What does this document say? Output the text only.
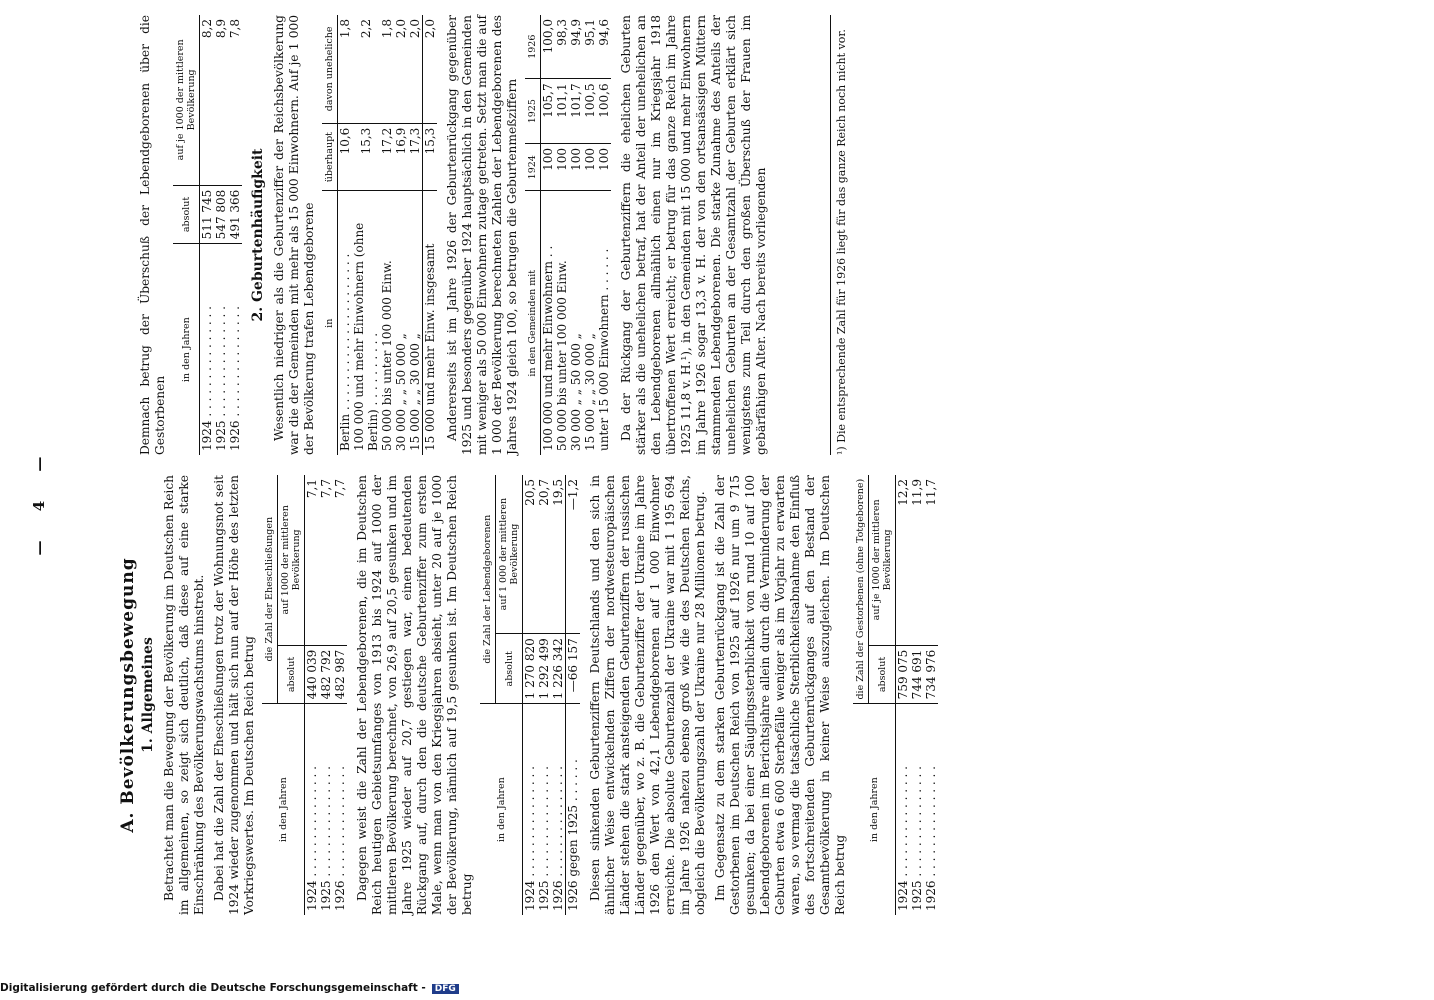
— 4 —
A. Bevölkerungsbewegung 1. Allgemeines Betrachtet man die Bewegung der Bevölkerung im Deutschen Reich im allgemeinen, so zeigt sich deutlich, daß diese auf eine starke Einschränkung des Bevölkerungswachstums hinstrebt. Dabei hat die Zahl der Eheschließungen trotz der Wohnungsnot seit 1924 wieder zugenommen und hält sich nun auf der Höhe des letzten Vorkriegswertes. Im Deutschen Reich betrug in den Jahren	die Zahl der Eheschließungen	
	absolut	auf 1000 der mittleren Bevölkerung
1924 . . . . . . . . . . . . . . .	440 039	7,1
1925 . . . . . . . . . . . . . . .	482 792	7,7
1926 . . . . . . . . . . . . . . .	482 987	7,7 Dagegen weist die Zahl der Lebendgeborenen, die im Deutschen Reich heutigen Gebietsumfanges von 1913 bis 1924 auf 1000 der mittleren Bevölkerung berechnet, von 26,9 auf 20,5 gesunken und im Jahre 1925 wieder auf 20,7 gestiegen war, einen bedeutenden Rückgang auf, durch den die deutsche Geburtenziffer zum ersten Male, wenn man von den Kriegsjahren absieht, unter 20 auf je 1000 der Bevölkerung, nämlich auf 19,5 gesunken ist. Im Deutschen Reich betrug

in den Jahren	die Zahl der Lebendgeborenen	
	absolut	auf 1 000 der mittleren Bevölkerung
1924 . . . . . . . . . . . . . . .	1 270 820	20,5
1925 . . . . . . . . . . . . . . .	1 292 499	20,7
1926 . . . . . . . . . . . . . . .	1 226 342	19,5
1926 gegen 1925 . . . . . .	—66 157	—1,2 Diesen sinkenden Geburtenziffern Deutschlands und den sich in ähnlicher Weise entwickelnden Ziffern der nordwesteuropäischen Länder stehen die stark ansteigenden Geburtenziffern der russischen Länder gegenüber, wo z. B. die Geburtenziffer der Ukraine im Jahre 1926 den Wert von 42,1 Lebendgeborenen auf 1 000 Einwohner erreichte. Die absolute Geburtenzahl der Ukraine war mit 1 195 694 im Jahre 1926 nahezu ebenso groß wie die des Deutschen Reichs, obgleich die Bevölkerungszahl der Ukraine nur 28 Millionen betrug. Im Gegensatz zu dem starken Geburtenrückgang ist die Zahl der Gestorbenen im Deutschen Reich von 1925 auf 1926 nur um 9 715 gesunken; da bei einer Säuglingssterblichkeit von rund 10 auf 100 Lebendgeborenen im Berichtsjahre allein durch die Verminderung der Geburten etwa 6 600 Sterbefälle weniger als im Vorjahr zu erwarten waren, so vermag die tatsächliche Sterblichkeitsabnahme den Einfluß des fortschreitenden Geburtenrückganges auf den Bestand der Gesamtbevölkerung in keiner Weise auszugleichen. Im Deutschen Reich betrug

in den Jahren	die Zahl der Gestorbenen (ohne Totgeborene)	
	absolut	auf je 1000 der mittleren Bevölkerung
1924 . . . . . . . . . . . . . . .	759 075	12,2
1925 . . . . . . . . . . . . . . .	744 691	11,9
1926 . . . . . . . . . . . . . . .	734 976	11,7

Demnach betrug der Überschuß der Lebendgeborenen über die Gestorbenen

in den Jahren	absolut	auf je 1000 der mittleren Bevölkerung
1924 . . . . . . . . . . . . . . .	511 745	8,2
1925 . . . . . . . . . . . . . . .	547 808	8,9
1926 . . . . . . . . . . . . . . .	491 366	7,8
2. Geburtenhäufigkeit Wesentlich niedriger als die Geburtenziffer der Reichsbevölkerung war die der Gemeinden mit mehr als 15 000 Einwohnern. Auf je 1 000 der Bevölkerung trafen Lebendgeborene in	überhaupt	davon uneheliche
Berlin . . . . . . . . . . . . . . . . . . . . .	10,6	1,8
100 000 und mehr Einwohnern (ohne Berlin) . . . . . . . . . .	15,3	2,2
50 000 bis unter 100 000 Einw.	17,2	1,8
30 000 „ „ 50 000 „	16,9	2,0
15 000 „ „ 30 000 „	17,3	2,0
15 000 und mehr Einw. insgesamt	15,3	2,0 Andererseits ist im Jahre 1926 der Geburtenrückgang gegenüber 1925 und besonders gegenüber 1924 hauptsächlich in den Gemeinden mit weniger als 50 000 Einwohnern zutage getreten. Setzt man die auf 1 000 der Bevölkerung berechneten Zahlen der Lebendgeborenen des Jahres 1924 gleich 100, so betrugen die Geburtenmeßziffern in den Gemeinden mit	1924	1925	1926
100 000 und mehr Einwohnern . .	100	105,7	100,0
50 000 bis unter 100 000 Einw.	100	101,1	98,3
30 000 „ „ 50 000 „	100	101,7	94,9
15 000 „ „ 30 000 „	100	100,5	95,1
unter 15 000 Einwohnern . . . . . .	100	100,6	94,6 Da der Rückgang der Geburtenziffern die ehelichen Geburten stärker als die unehelichen betraf, hat der Anteil der unehelichen an den Lebendgeborenen allmählich einen nur im Kriegsjahr 1918 übertroffenen Wert erreicht; er betrug für das ganze Reich im Jahre 1925 11,8 v. H.¹), in den Gemeinden mit 15 000 und mehr Einwohnern im Jahre 1926 sogar 13,3 v. H. der von den ortsansässigen Müttern stammenden Lebendgeborenen. Die starke Zunahme des Anteils der unehelichen Geburten an der Gesamtzahl der Geburten erklärt sich wenigstens zum Teil durch den großen Überschuß der Frauen im gebärfähigen Alter. Nach bereits vorliegenden	¹) Die entsprechende Zahl für 1926 liegt für das ganze Reich noch nicht vor.
Digitalisierung gefördert durch die Deutsche Forschungsgemeinschaft - DFG
